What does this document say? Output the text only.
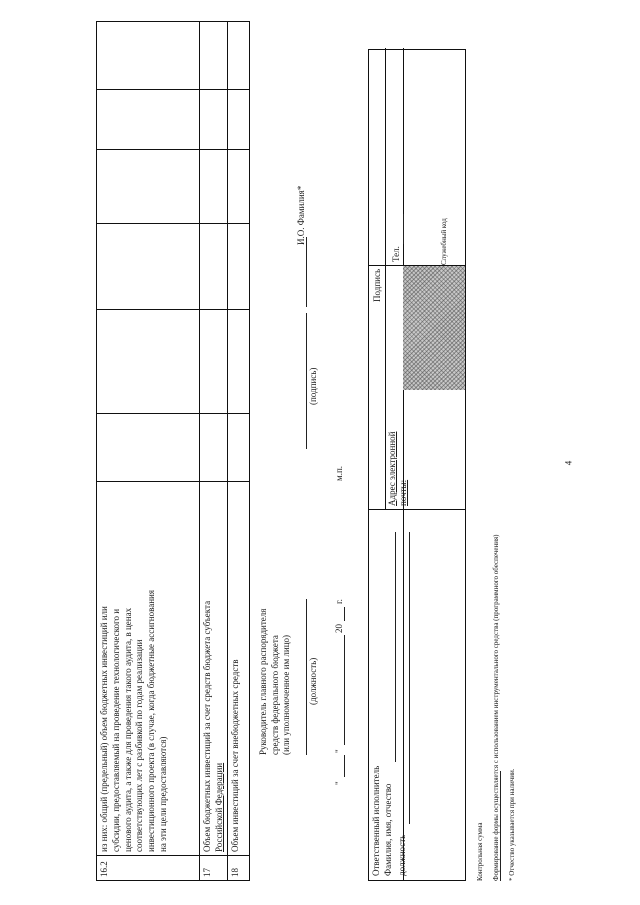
4
16.2
из них: общий (предельный) объем бюджетных инвестиций или субсидии, предоставляемый на проведение технологического и ценового аудита, а также для проведения такого аудита, в ценах соответствующих лет с разбивкой по годам реализации инвестиционного проекта (в случае, когда бюджетные ассигнования на эти цели предоставляются)
17
Объем бюджетных инвестиций за счет средств бюджета субъекта Российской Федерации
18
Объем инвестиций за счет внебюджетных средств Руководитель главного распорядителя средств федерального бюджета (или уполномоченное им лицо) (должность)
(подпись)
И.О. Фамилия*
"
"
20
г.
м.п.
Ответственный исполнитель Фамилия, имя, отчество должность
Подпись
Адрес электронной почты:
Тел.	Служебный код
Контрольная сумма Формирование формы осуществляется с использованием инструментального средства (программного обеспечения) * Отчество указывается при наличии.
